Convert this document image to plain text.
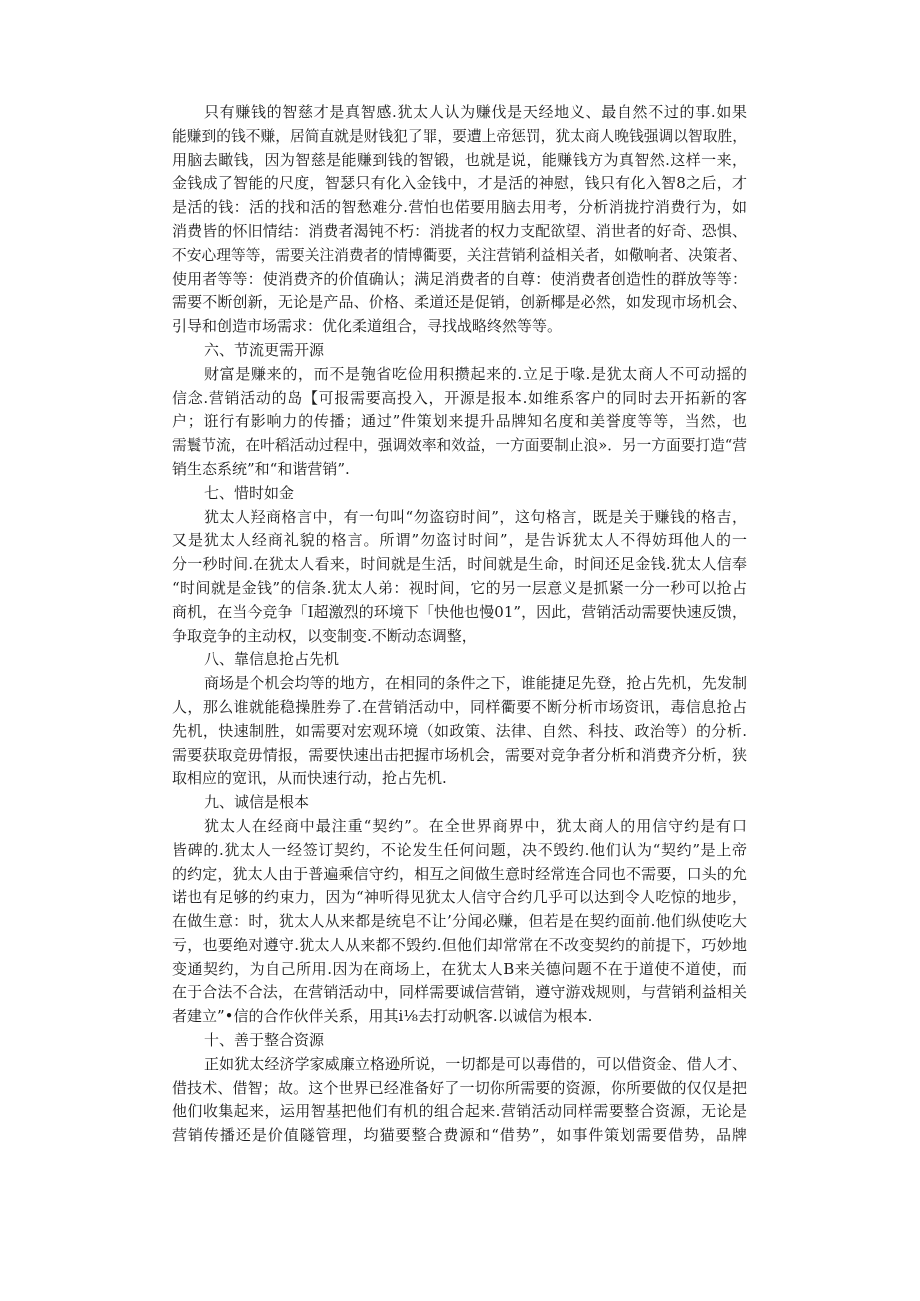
只有赚钱的智慈才是真智感.犹太人认为赚伐是天经地义、最自然不过的事.如果
能赚到的钱不赚，居简直就是财钱犯了罪，要遭上帝惩罚，犹太商人晚钱强调以智取胜，
用脑去瞰钱，因为智慈是能赚到钱的智锻，也就是说，能赚钱方为真智然.这样一来，
金钱成了智能的尺度，智瑟只有化入金钱中，才是活的神慰，钱只有化入智8之后，才
是活的钱：活的找和活的智愁难分.营怕也偌要用脑去用考，分析消拢拧消费行为，如
消费皆的怀旧情结：消费者渴钝不朽：消拢者的权力支配欲望、消世者的好奇、恐惧、
不安心理等等，需要关注消费者的情博衢要，关注营销利益相关者，如儆响者、决策者、
使用者等等：使消费齐的价值确认；满足消费者的自尊：使消费者创造性的群放等等：
需要不断创新，无论是产品、价格、柔道还是促销，创新椰是必然，如发现市场机会、
引导和创造市场需求：优化柔道组合，寻找战略终然等等。
六、节流更需开源
财富是赚来的，而不是匏省吃俭用积攒起来的.立足于喙.是犹太商人不可动摇的
信念.营销活动的岛【可报需要高投入，开源是报本.如维系客户的同时去开拓新的客
户；诳行有影响力的传播；通过”件策划来提升品牌知名度和美誉度等等，当然，也
需鬟节流，在叶稻活动过程中，强调效率和效益，一方面要制止浪»．另一方面要打造“营
销生态系统”和“和谐营销”.
七、惜时如金
犹太人羟商格言中，有一句叫“勿盗窃时间”，这句格言，既是关于赚钱的格吉，
又是犹太人经商礼貌的格言。所谓”勿盗讨时间”，是告诉犹太人不得妨珥他人的一
分一秒时间.在犹太人看来，时间就是生活，时间就是生命，时间还足金钱.犹太人信奉
“时间就是金钱”的信条.犹太人弟：视时间，它的另一层意义是抓紧一分一秒可以抢占
商机，在当今竞争「Ι超激烈的环境下「快他也慢01”，因此，营销活动需要快速反馈，
争取竞争的主动权，以变制变.不断动态调整，
八、靠信息抢占先机
商场是个机会均等的地方，在相同的条件之下，谁能捷足先登，抢占先机，先发制
人，那么谁就能稳操胜券了.在营销活动中，同样衢要不断分析市场资讯，毒信息抢占
先机，快速制胜，如需要对宏观环境（如政策、法律、自然、科技、政治等）的分析.
需要获取竞毋情报，需要快速出击把握市场机会，需要对竞争者分析和消费齐分析，狭
取相应的宽讯，从而快速行动，抢占先机.
九、诚信是根本
犹太人在经商中最注重“契约”。在全世界商界中，犹太商人的用信守约是有口
皆碑的.犹太人一经签订契约，不论发生任何问题，决不毁约.他们认为“契约”是上帝
的约定，犹太人由于普遍乘信守约，相互之间做生意时经常连合同也不需要，口头的允
诺也有足够的约束力，因为“神听得见犹太人信守合约几乎可以达到令人吃惊的地步，
在做生意：时，犹太人从来都是统皂不让’分闻必赚，但若是在契约面前.他们纵使吃大
亏，也要绝对遵守.犹太人从来都不毁约.但他们却常常在不改变契约的前提下，巧妙地
变通契约，为自己所用.因为在商场上，在犹太人B来关德问题不在于道使不道使，而
在于合法不合法，在营销活动中，同样需要诚信营销，遵守游戏规则，与营销利益相关
者建立”•信的合作伙伴关系，用其i⅛去打动帆客.以诚信为根本.
十、善于整合资源
正如犹太经济学家威廉立格逊所说，一切都是可以毒借的，可以借资金、借人才、
借技术、借智；故。这个世界已经准备好了一切你所需要的资源，你所要做的仅仅是把
他们收集起来，运用智基把他们有机的组合起来.营销活动同样需要整合资源，无论是
营销传播还是价值隧管理，均猫要整合费源和“借势”，如事件策划需要借势，品牌
